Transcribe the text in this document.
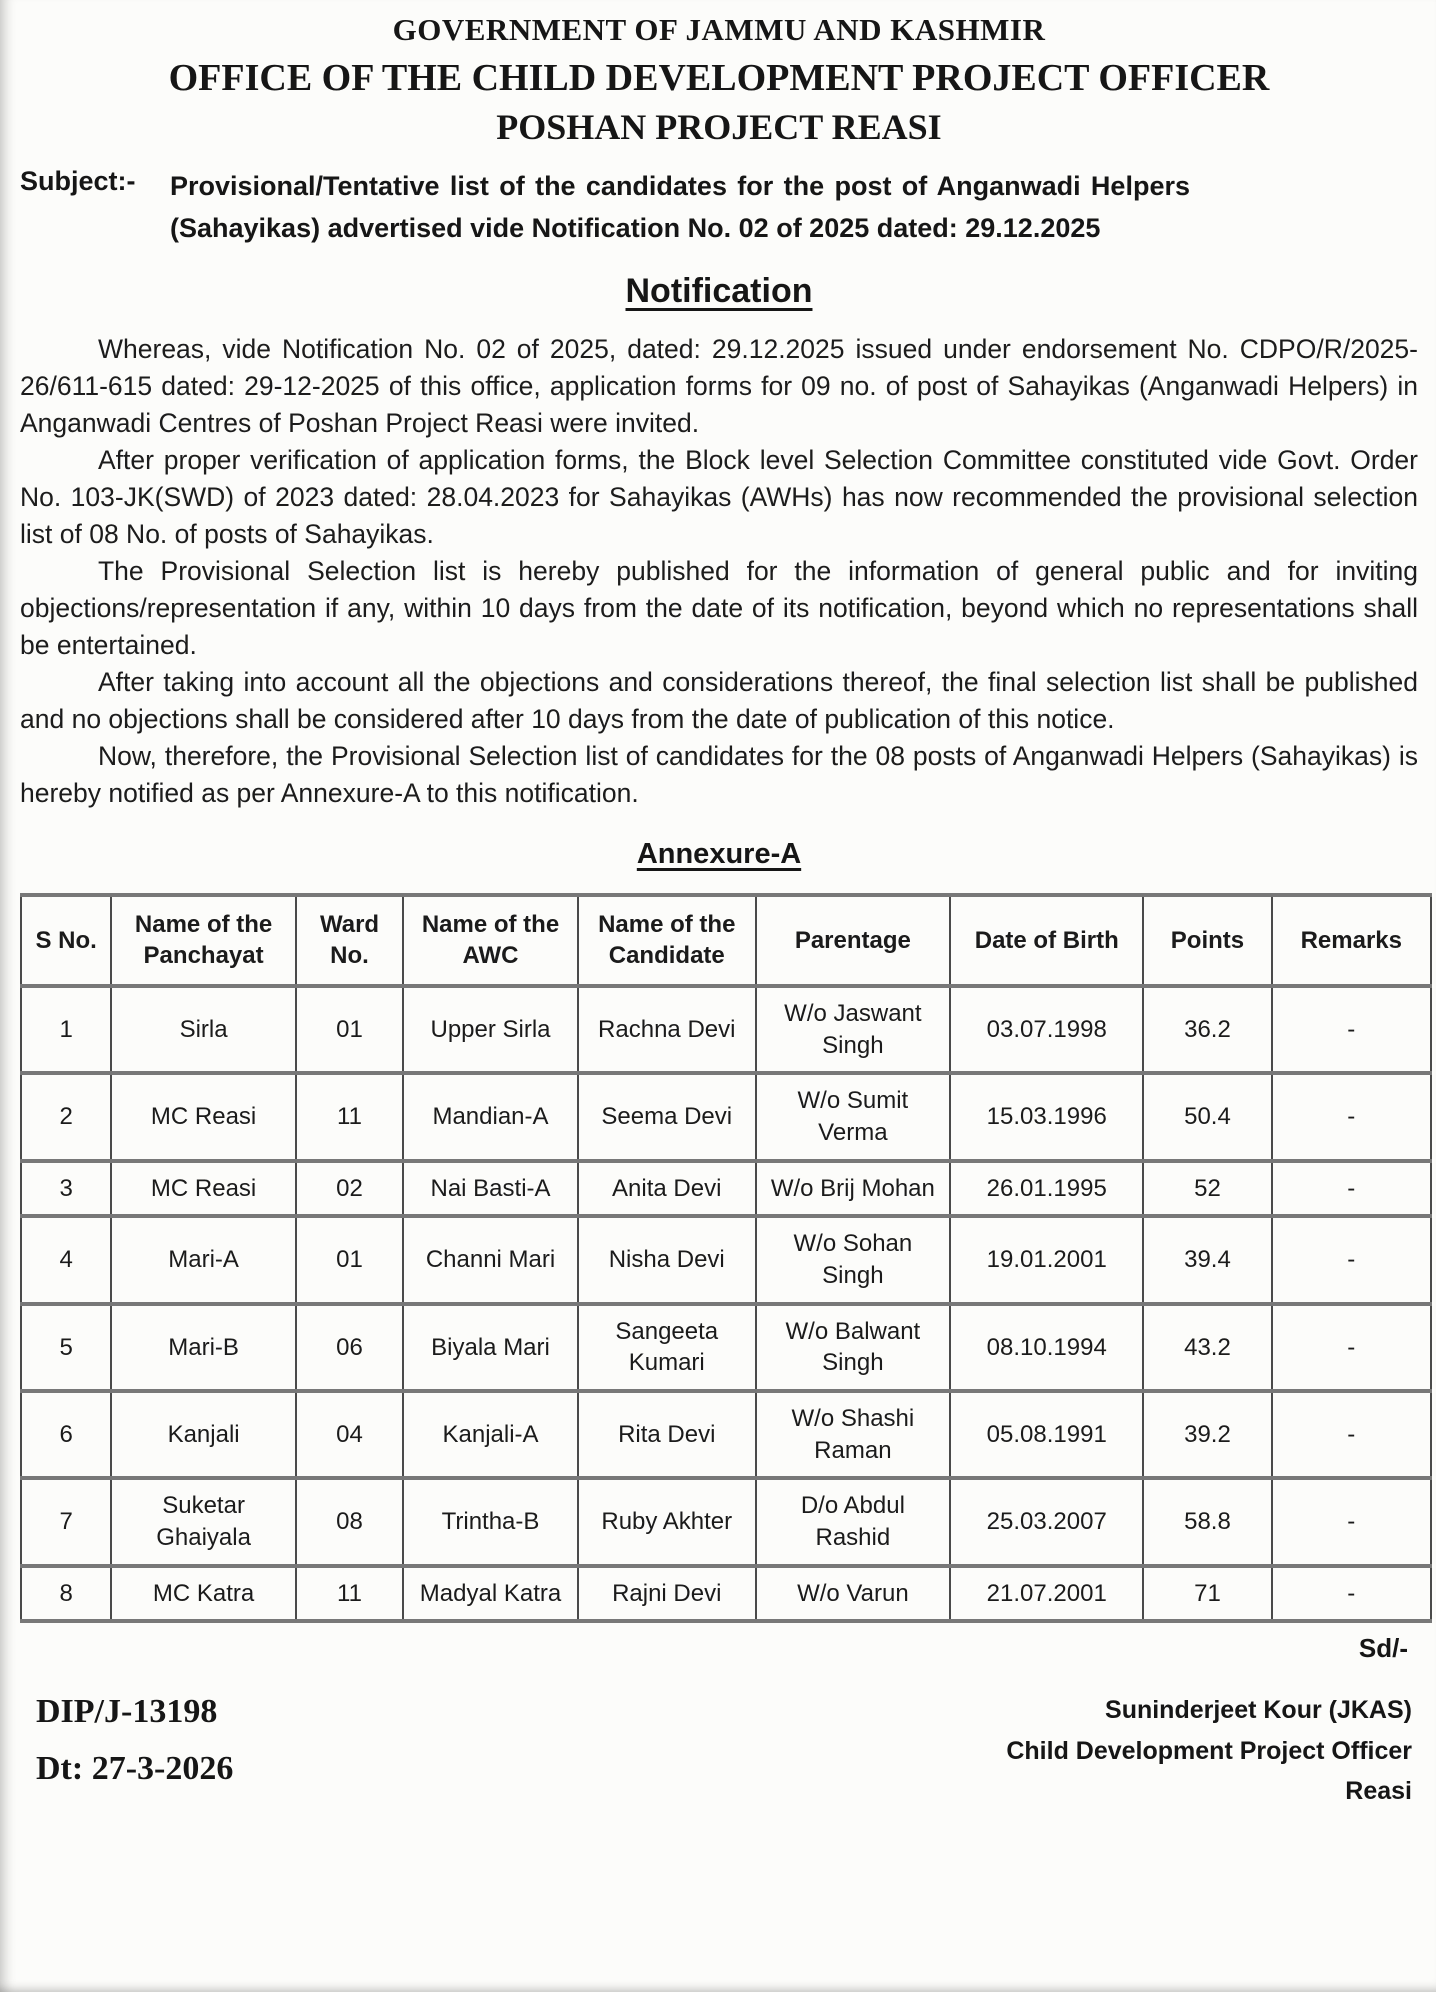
GOVERNMENT OF JAMMU AND KASHMIR
OFFICE OF THE CHILD DEVELOPMENT PROJECT OFFICER
POSHAN PROJECT REASI
Subject:-	Provisional/Tentative list of the candidates for the post of Anganwadi Helpers (Sahayikas) advertised vide Notification No. 02 of 2025 dated: 29.12.2025
Notification

Whereas, vide Notification No. 02 of 2025, dated: 29.12.2025 issued under endorsement No. CDPO/R/2025-26/611-615 dated: 29-12-2025 of this office, application forms for 09 no. of post of Sahayikas (Anganwadi Helpers) in Anganwadi Centres of Poshan Project Reasi were invited.

After proper verification of application forms, the Block level Selection Committee constituted vide Govt. Order No. 103-JK(SWD) of 2023 dated: 28.04.2023 for Sahayikas (AWHs) has now recommended the provisional selection list of 08 No. of posts of Sahayikas.

The Provisional Selection list is hereby published for the information of general public and for inviting objections/representation if any, within 10 days from the date of its notification, beyond which no representations shall be entertained.

After taking into account all the objections and considerations thereof, the final selection list shall be published and no objections shall be considered after 10 days from the date of publication of this notice.

Now, therefore, the Provisional Selection list of candidates for the 08 posts of Anganwadi Helpers (Sahayikas) is hereby notified as per Annexure-A to this notification.

Annexure-A
S No.	Name of the Panchayat	Ward No.	Name of the AWC	Name of the Candidate	Parentage	Date of Birth	Points	Remarks
1	Sirla	01	Upper Sirla	Rachna Devi	W/o Jaswant Singh	03.07.1998	36.2	-
2	MC Reasi	11	Mandian-A	Seema Devi	W/o Sumit Verma	15.03.1996	50.4	-
3	MC Reasi	02	Nai Basti-A	Anita Devi	W/o Brij Mohan	26.01.1995	52	-
4	Mari-A	01	Channi Mari	Nisha Devi	W/o Sohan Singh	19.01.2001	39.4	-
5	Mari-B	06	Biyala Mari	Sangeeta Kumari	W/o Balwant Singh	08.10.1994	43.2	-
6	Kanjali	04	Kanjali-A	Rita Devi	W/o Shashi Raman	05.08.1991	39.2	-
7	Suketar Ghaiyala	08	Trintha-B	Ruby Akhter	D/o Abdul Rashid	25.03.2007	58.8	-
8	MC Katra	11	Madyal Katra	Rajni Devi	W/o Varun	21.07.2001	71	-
Sd/-
DIP/J-13198
Dt: 27-3-2026
Suninderjeet Kour (JKAS)
Child Development Project Officer
Reasi
